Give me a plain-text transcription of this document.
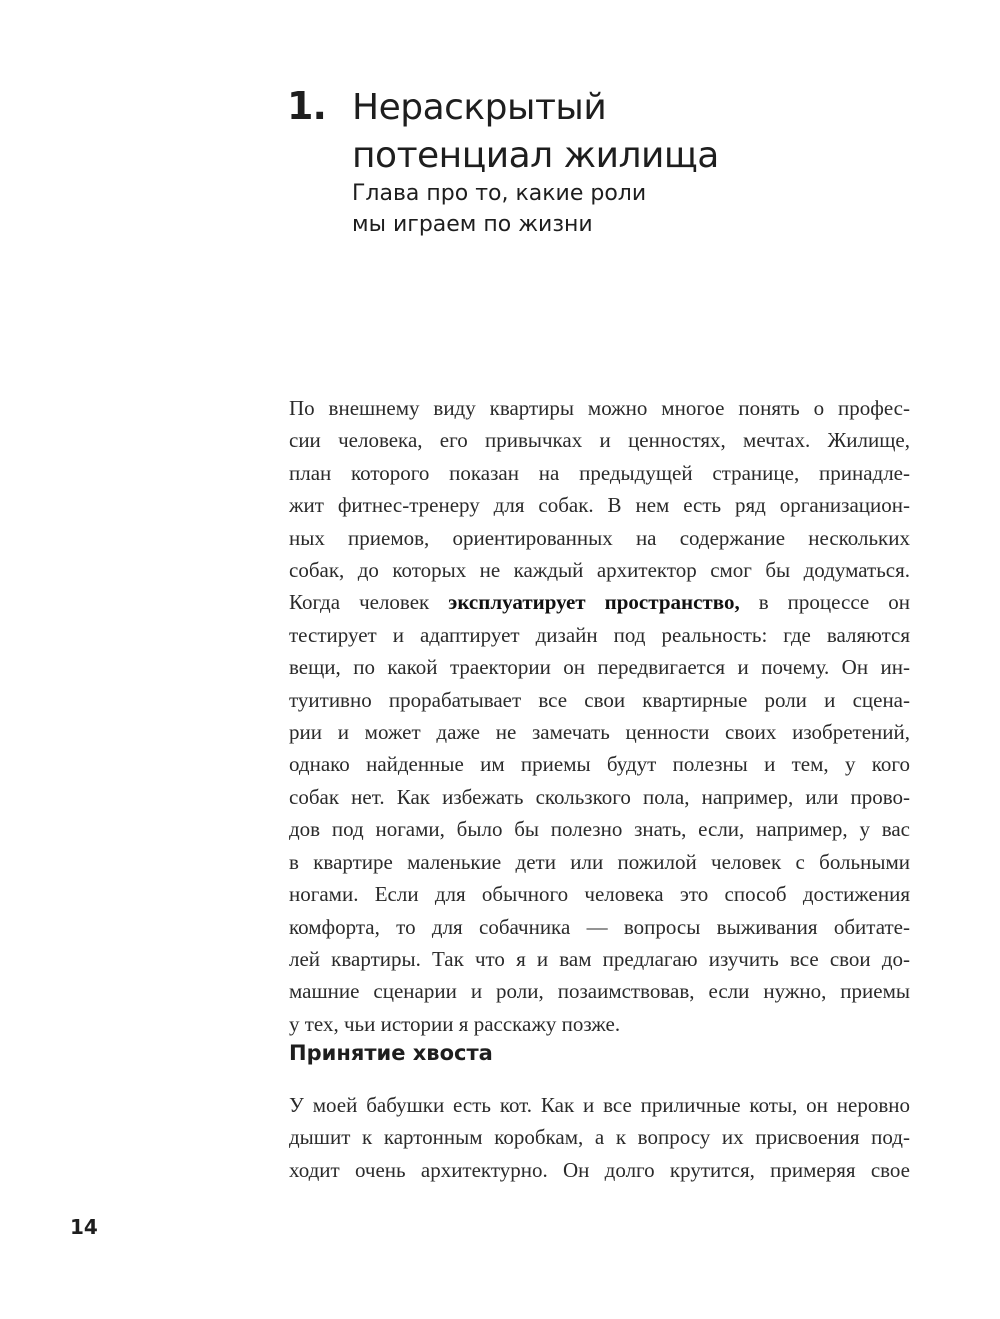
1. Нераскрытый
потенциал жилища
Глава про то, какие роли
мы играем по жизни
По внешнему виду квартиры можно многое понять о профес-
сии человека, его привычках и ценностях, мечтах. Жилище,
план которого показан на предыдущей странице, принадле-
жит фитнес-тренеру для собак. В нем есть ряд организацион-
ных приемов, ориентированных на содержание нескольких
собак, до которых не каждый архитектор смог бы додуматься.
Когда человек эксплуатирует пространство, в процессе он
тестирует и адаптирует дизайн под реальность: где валяются
вещи, по какой траектории он передвигается и почему. Он ин-
туитивно прорабатывает все свои квартирные роли и сцена-
рии и может даже не замечать ценности своих изобретений,
однако найденные им приемы будут полезны и тем, у кого
собак нет. Как избежать скользкого пола, например, или прово-
дов под ногами, было бы полезно знать, если, например, у вас
в квартире маленькие дети или пожилой человек с больными
ногами. Если для обычного человека это способ достижения
комфорта, то для собачника — вопросы выживания обитате-
лей квартиры. Так что я и вам предлагаю изучить все свои до-
машние сценарии и роли, позаимствовав, если нужно, приемы
у тех, чьи истории я расскажу позже.
Принятие хвоста
У моей бабушки есть кот. Как и все приличные коты, он неровно
дышит к картонным коробкам, а к вопросу их присвоения под-
ходит очень архитектурно. Он долго крутится, примеряя свое
14
